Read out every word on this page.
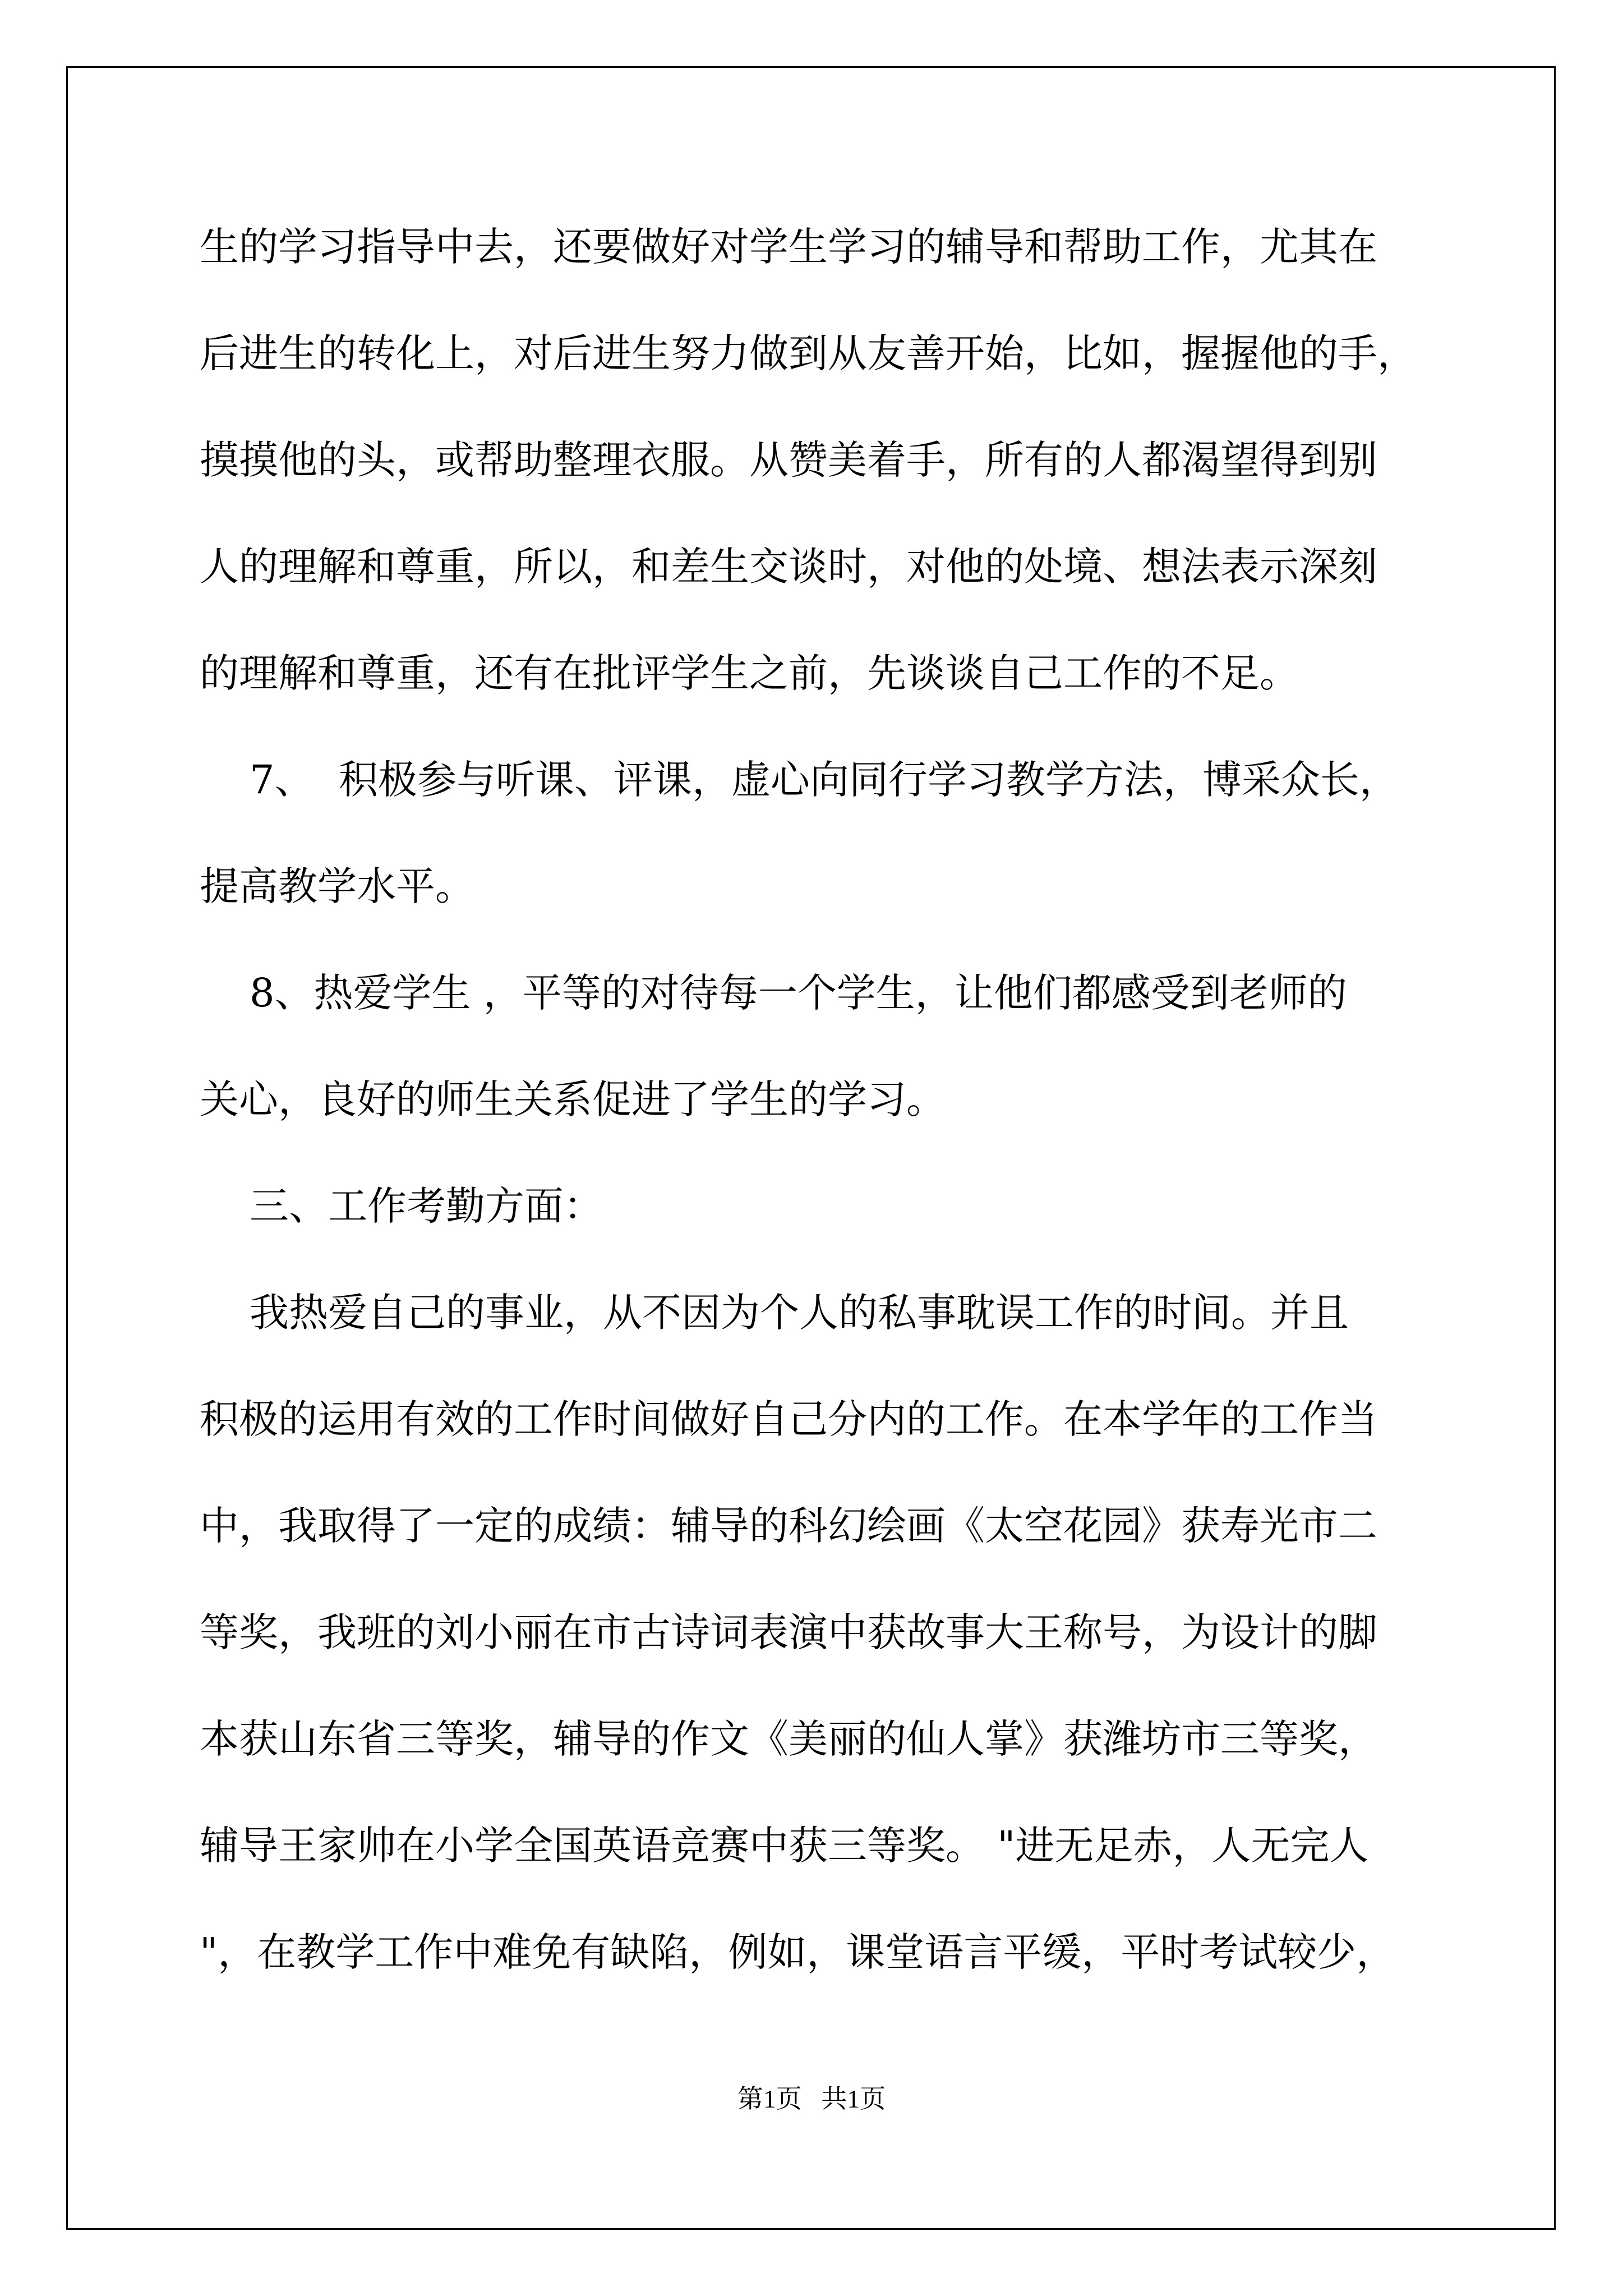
生的学习指导中去，还要做好对学生学习的辅导和帮助工作，尤其在
后进生的转化上，对后进生努力做到从友善开始，比如，握握他的手，
摸摸他的头，或帮助整理衣服。从赞美着手，所有的人都渴望得到别
人的理解和尊重，所以，和差生交谈时，对他的处境、想法表示深刻
的理解和尊重，还有在批评学生之前，先谈谈自己工作的不足。
7、  积极参与听课、评课，虚心向同行学习教学方法，博采众长，
提高教学水平。
8、热爱学生 ，平等的对待每一个学生，让他们都感受到老师的
关心，良好的师生关系促进了学生的学习。
三、工作考勤方面：
我热爱自己的事业，从不因为个人的私事耽误工作的时间。并且
积极的运用有效的工作时间做好自己分内的工作。在本学年的工作当
中，我取得了一定的成绩：辅导的科幻绘画《太空花园》获寿光市二
等奖，我班的刘小丽在市古诗词表演中获故事大王称号，为设计的脚
本获山东省三等奖，辅导的作文《美丽的仙人掌》获潍坊市三等奖，
辅导王家帅在小学全国英语竞赛中获三等奖。 "进无足赤，人无完人
"，在教学工作中难免有缺陷，例如，课堂语言平缓，平时考试较少，
第1页   共1页
